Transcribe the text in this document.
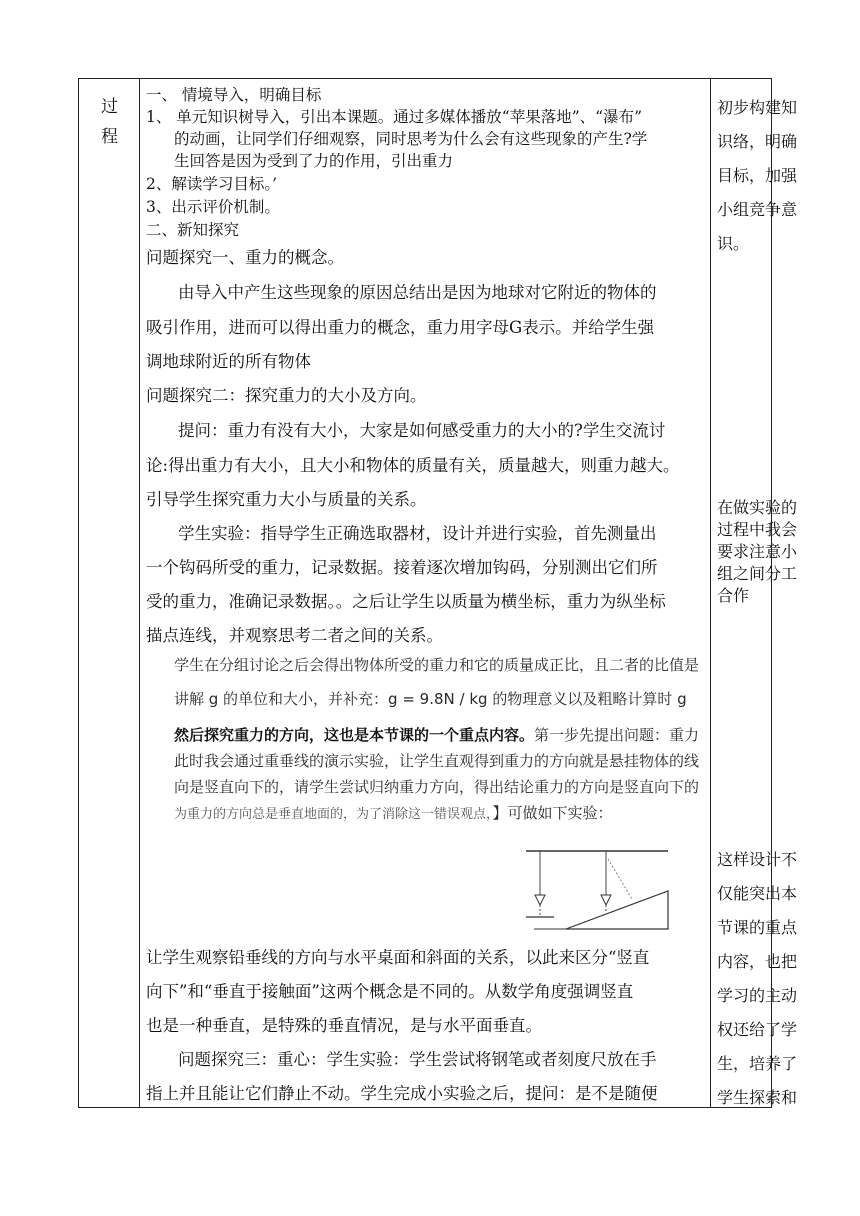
过
程
一、 情境导入，明确目标
1、 单元知识树导入，引出本课题。通过多媒体播放“苹果落地”、“瀑布”
的动画，让同学们仔细观察，同时思考为什么会有这些现象的产生?学
生回答是因为受到了力的作用，引出重力
2、解读学习目标。’
3、出示评价机制。
二、新知探究
问题探究一、重力的概念。
由导入中产生这些现象的原因总结出是因为地球对它附近的物体的
吸引作用，进而可以得出重力的概念，重力用字母G表示。并给学生强
调地球附近的所有物体
问题探究二：探究重力的大小及方向。
提问：重力有没有大小，大家是如何感受重力的大小的?学生交流讨
论:得出重力有大小，且大小和物体的质量有关，质量越大，则重力越大。
引导学生探究重力大小与质量的关系。
学生实验：指导学生正确选取器材，设计并进行实验，首先测量出
一个钩码所受的重力，记录数据。接着逐次增加钩码，分别测出它们所
受的重力，准确记录数据。。之后让学生以质量为横坐标，重力为纵坐标
描点连线，并观察思考二者之间的关系。
学生在分组讨论之后会得出物体所受的重力和它的质量成正比，且二者的比值是
讲解 g 的单位和大小，并补充：g = 9.8N / kg 的物理意义以及粗略计算时 g
然后探究重力的方向，这也是本节课的一个重点内容。第一步先提出问题：重力
此时我会通过重垂线的演示实验，让学生直观得到重力的方向就是悬挂物体的线
向是竖直向下的，请学生尝试归纳重力方向，得出结论重力的方向是竖直向下的
为重力的方向总是垂直地面的，为了消除这一错误观点，】可做如下实验：
让学生观察铅垂线的方向与水平桌面和斜面的关系，以此来区分“竖直
向下”和“垂直于接触面”这两个概念是不同的。从数学角度强调竖直
也是一种垂直，是特殊的垂直情况，是与水平面垂直。
问题探究三：重心：学生实验：学生尝试将钢笔或者刻度尺放在手
指上并且能让它们静止不动。学生完成小实验之后，提问：是不是随便
初步构建知
识络，明确
目标，加强
小组竞争意
识。
在做实验的
过程中我会
要求注意小
组之间分工
合作
这样设计不
仅能突出本
节课的重点
内容，也把
学习的主动
权还给了学
生，培养了
学生探索和
